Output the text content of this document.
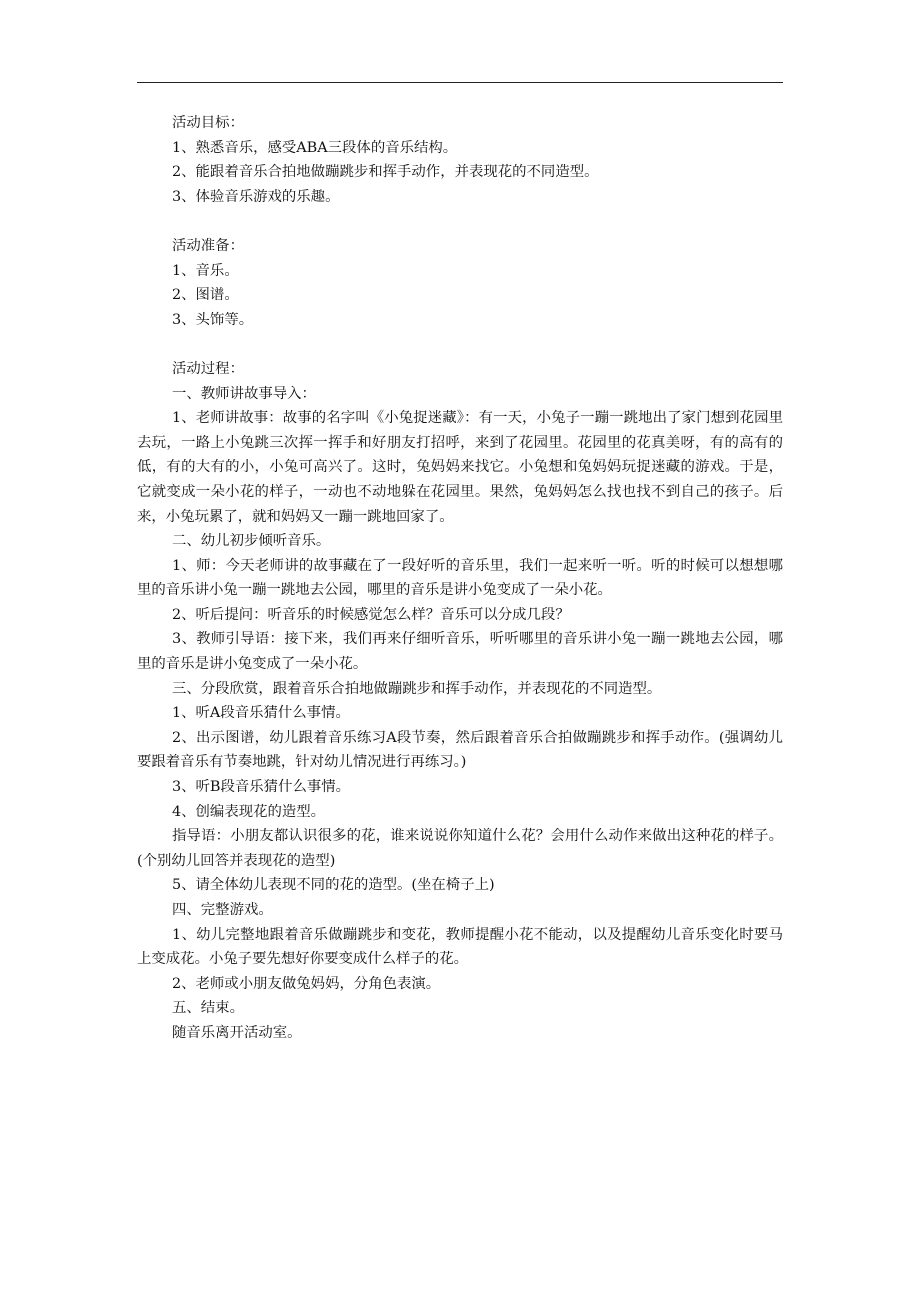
活动目标：

1、熟悉音乐，感受ABA三段体的音乐结构。

2、能跟着音乐合拍地做蹦跳步和挥手动作，并表现花的不同造型。

3、体验音乐游戏的乐趣。

活动准备：

1、音乐。

2、图谱。

3、头饰等。

活动过程：

一、教师讲故事导入：

1、老师讲故事：故事的名字叫《小兔捉迷藏》：有一天，小兔子一蹦一跳地出了家门想到花园里去玩，一路上小兔跳三次挥一挥手和好朋友打招呼，来到了花园里。花园里的花真美呀，有的高有的低，有的大有的小，小兔可高兴了。这时，兔妈妈来找它。小兔想和兔妈妈玩捉迷藏的游戏。于是，它就变成一朵小花的样子，一动也不动地躲在花园里。果然，兔妈妈怎么找也找不到自己的孩子。后来，小兔玩累了，就和妈妈又一蹦一跳地回家了。

二、幼儿初步倾听音乐。

1、师：今天老师讲的故事藏在了一段好听的音乐里，我们一起来听一听。听的时候可以想想哪里的音乐讲小兔一蹦一跳地去公园，哪里的音乐是讲小兔变成了一朵小花。

2、听后提问：听音乐的时候感觉怎么样？音乐可以分成几段？

3、教师引导语：接下来，我们再来仔细听音乐，听听哪里的音乐讲小兔一蹦一跳地去公园，哪里的音乐是讲小兔变成了一朵小花。

三、分段欣赏，跟着音乐合拍地做蹦跳步和挥手动作，并表现花的不同造型。

1、听A段音乐猜什么事情。

2、出示图谱，幼儿跟着音乐练习A段节奏，然后跟着音乐合拍做蹦跳步和挥手动作。(强调幼儿要跟着音乐有节奏地跳，针对幼儿情况进行再练习。)

3、听B段音乐猜什么事情。

4、创编表现花的造型。

指导语：小朋友都认识很多的花，谁来说说你知道什么花？会用什么动作来做出这种花的样子。(个别幼儿回答并表现花的造型)

5、请全体幼儿表现不同的花的造型。(坐在椅子上)

四、完整游戏。

1、幼儿完整地跟着音乐做蹦跳步和变花，教师提醒小花不能动，以及提醒幼儿音乐变化时要马上变成花。小兔子要先想好你要变成什么样子的花。

2、老师或小朋友做兔妈妈，分角色表演。

五、结束。

随音乐离开活动室。
